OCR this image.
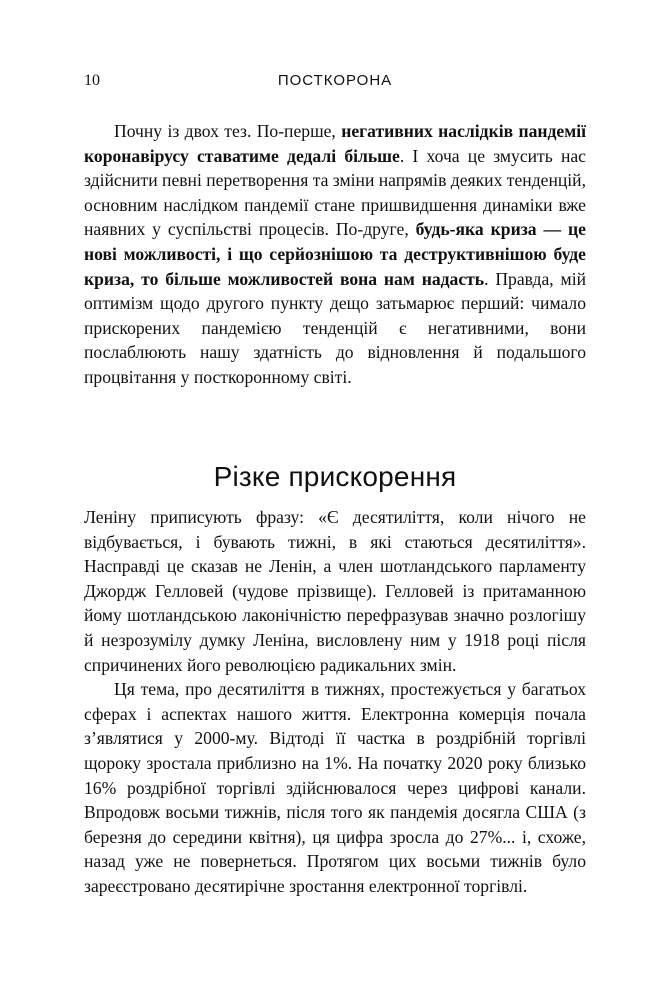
10	ПОСТКОРОНА

Почну із двох тез. По-перше, негативних наслідків пандемії коронавірусу ставатиме дедалі більше. І хоча це змусить нас здійснити певні перетворення та зміни напрямів деяких тенденцій, основним наслідком пандемії стане пришвидшення динаміки вже наявних у суспільстві процесів. По-друге, будь-яка криза — це нові можливості, і що серйознішою та деструктивнішою буде криза, то більше можливостей вона нам надасть. Правда, мій оптимізм щодо другого пункту дещо затьмарює перший: чимало прискорених пандемією тенденцій є негативними, вони послаблюють нашу здатність до відновлення й подальшого процвітання у посткоронному світі.

Різке прискорення

Леніну приписують фразу: «Є десятиліття, коли нічого не відбувається, і бувають тижні, в які стаються десятиліття». Насправді це сказав не Ленін, а член шотландського парламенту Джордж Гелловей (чудове прізвище). Гелловей із притаманною йому шотландською лаконічністю перефразував значно розлогішу й незрозумілу думку Леніна, висловлену ним у 1918 році після спричинених його революцією радикальних змін.

Ця тема, про десятиліття в тижнях, простежується у багатьох сферах і аспектах нашого життя. Електронна комерція почала з’являтися у 2000-му. Відтоді її частка в роздрібній торгівлі щороку зростала приблизно на 1%. На початку 2020 року близько 16% роздрібної торгівлі здійснювалося через цифрові канали. Впродовж восьми тижнів, після того як пандемія досягла США (з березня до середини квітня), ця цифра зросла до 27%... і, схоже, назад уже не повернеться. Протягом цих восьми тижнів було зареєстровано десятирічне зростання електронної торгівлі.
